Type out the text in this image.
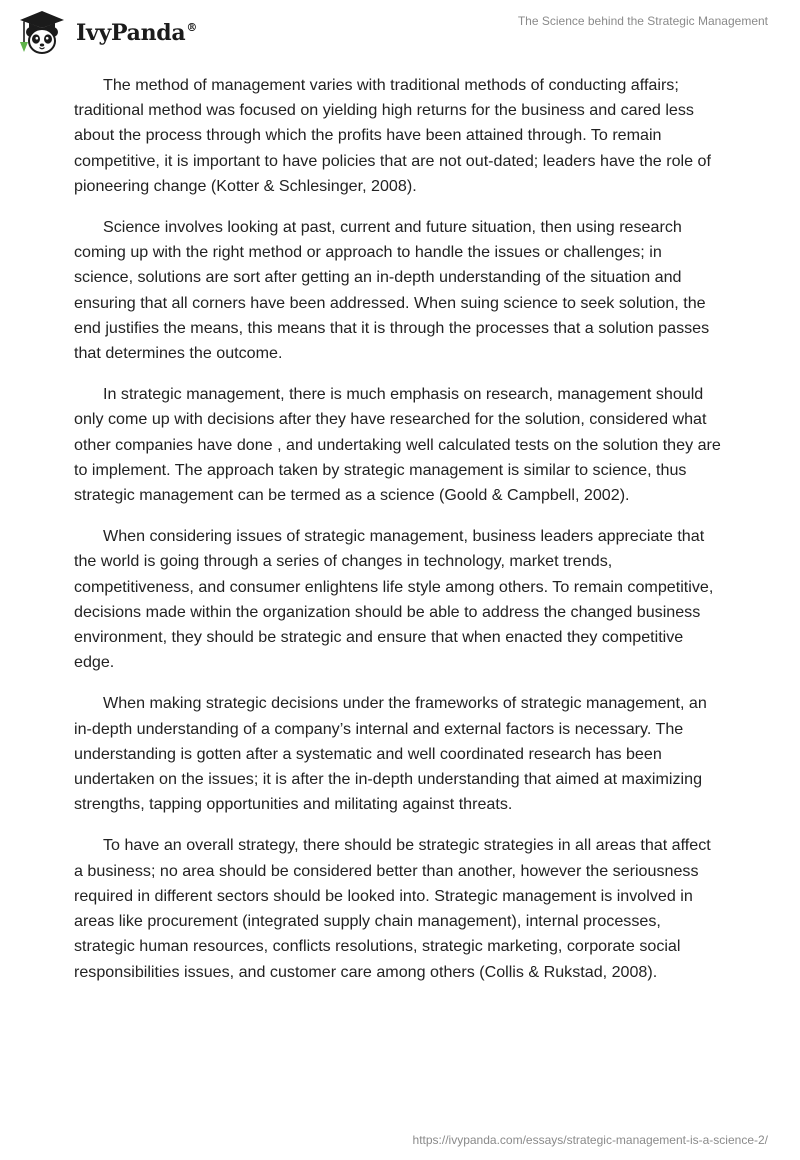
IvyPanda®	The Science behind the Strategic Management

The method of management varies with traditional methods of conducting affairs; traditional method was focused on yielding high returns for the business and cared less about the process through which the profits have been attained through. To remain competitive, it is important to have policies that are not out-dated; leaders have the role of pioneering change (Kotter & Schlesinger, 2008).

Science involves looking at past, current and future situation, then using research coming up with the right method or approach to handle the issues or challenges; in science, solutions are sort after getting an in-depth understanding of the situation and ensuring that all corners have been addressed. When suing science to seek solution, the end justifies the means, this means that it is through the processes that a solution passes that determines the outcome.

In strategic management, there is much emphasis on research, management should only come up with decisions after they have researched for the solution, considered what other companies have done , and undertaking well calculated tests on the solution they are to implement. The approach taken by strategic management is similar to science, thus strategic management can be termed as a science (Goold & Campbell, 2002).

When considering issues of strategic management, business leaders appreciate that the world is going through a series of changes in technology, market trends, competitiveness, and consumer enlightens life style among others. To remain competitive, decisions made within the organization should be able to address the changed business environment, they should be strategic and ensure that when enacted they competitive edge.

When making strategic decisions under the frameworks of strategic management, an in-depth understanding of a company’s internal and external factors is necessary. The understanding is gotten after a systematic and well coordinated research has been undertaken on the issues; it is after the in-depth understanding that aimed at maximizing strengths, tapping opportunities and militating against threats.

To have an overall strategy, there should be strategic strategies in all areas that affect a business; no area should be considered better than another, however the seriousness required in different sectors should be looked into. Strategic management is involved in areas like procurement (integrated supply chain management), internal processes, strategic human resources, conflicts resolutions, strategic marketing, corporate social responsibilities issues, and customer care among others (Collis & Rukstad, 2008).

https://ivypanda.com/essays/strategic-management-is-a-science-2/
